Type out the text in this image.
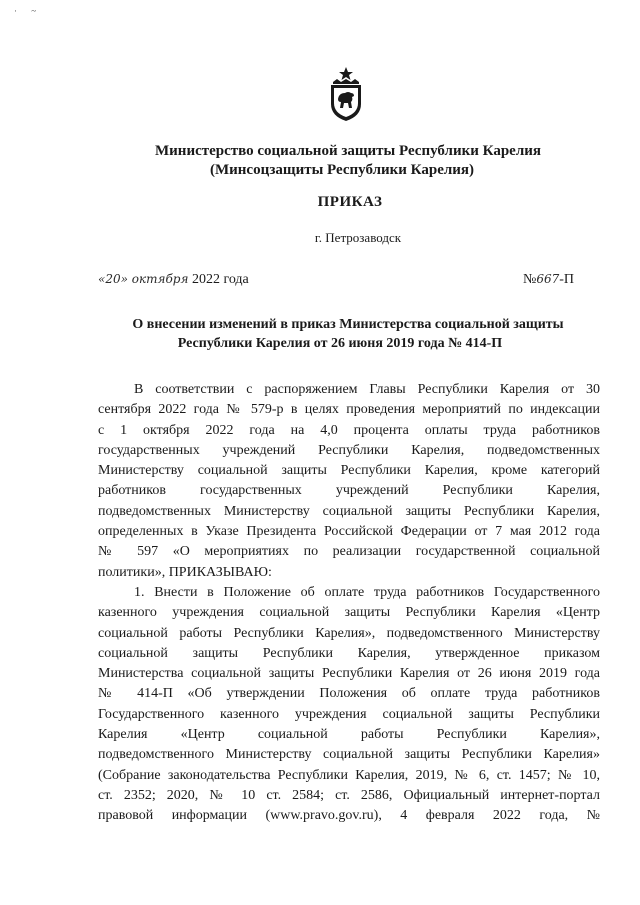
· ~
Министерство социальной защиты Республики Карелия
(Минсоцзащиты Республики Карелия)
ПРИКАЗ
г. Петрозаводск
«20» октября 2022 года	№667-П
О внесении изменений в приказ Министерства социальной защиты
Республики Карелия от 26 июня 2019 года № 414-П
В соответствии с распоряжением Главы Республики Карелия от 30
сентября 2022 года № 579-р в целях проведения мероприятий по индексации
с 1 октября 2022 года на 4,0 процента оплаты труда работников
государственных учреждений Республики Карелия, подведомственных
Министерству социальной защиты Республики Карелия, кроме категорий
работников государственных учреждений Республики Карелия,
подведомственных Министерству социальной защиты Республики Карелия,
определенных в Указе Президента Российской Федерации от 7 мая 2012 года
№ 597 «О мероприятиях по реализации государственной социальной
политики», ПРИКАЗЫВАЮ:
1. Внести в Положение об оплате труда работников Государственного
казенного учреждения социальной защиты Республики Карелия «Центр
социальной работы Республики Карелия», подведомственного Министерству
социальной защиты Республики Карелия, утвержденное приказом
Министерства социальной защиты Республики Карелия от 26 июня 2019 года
№ 414-П «Об утверждении Положения об оплате труда работников
Государственного казенного учреждения социальной защиты Республики
Карелия «Центр социальной работы Республики Карелия»,
подведомственного Министерству социальной защиты Республики Карелия»
(Собрание законодательства Республики Карелия, 2019, № 6, ст. 1457; № 10,
ст. 2352; 2020, № 10 ст. 2584; ст. 2586, Официальный интернет-портал
правовой информации (www.pravo.gov.ru), 4 февраля 2022 года, №
